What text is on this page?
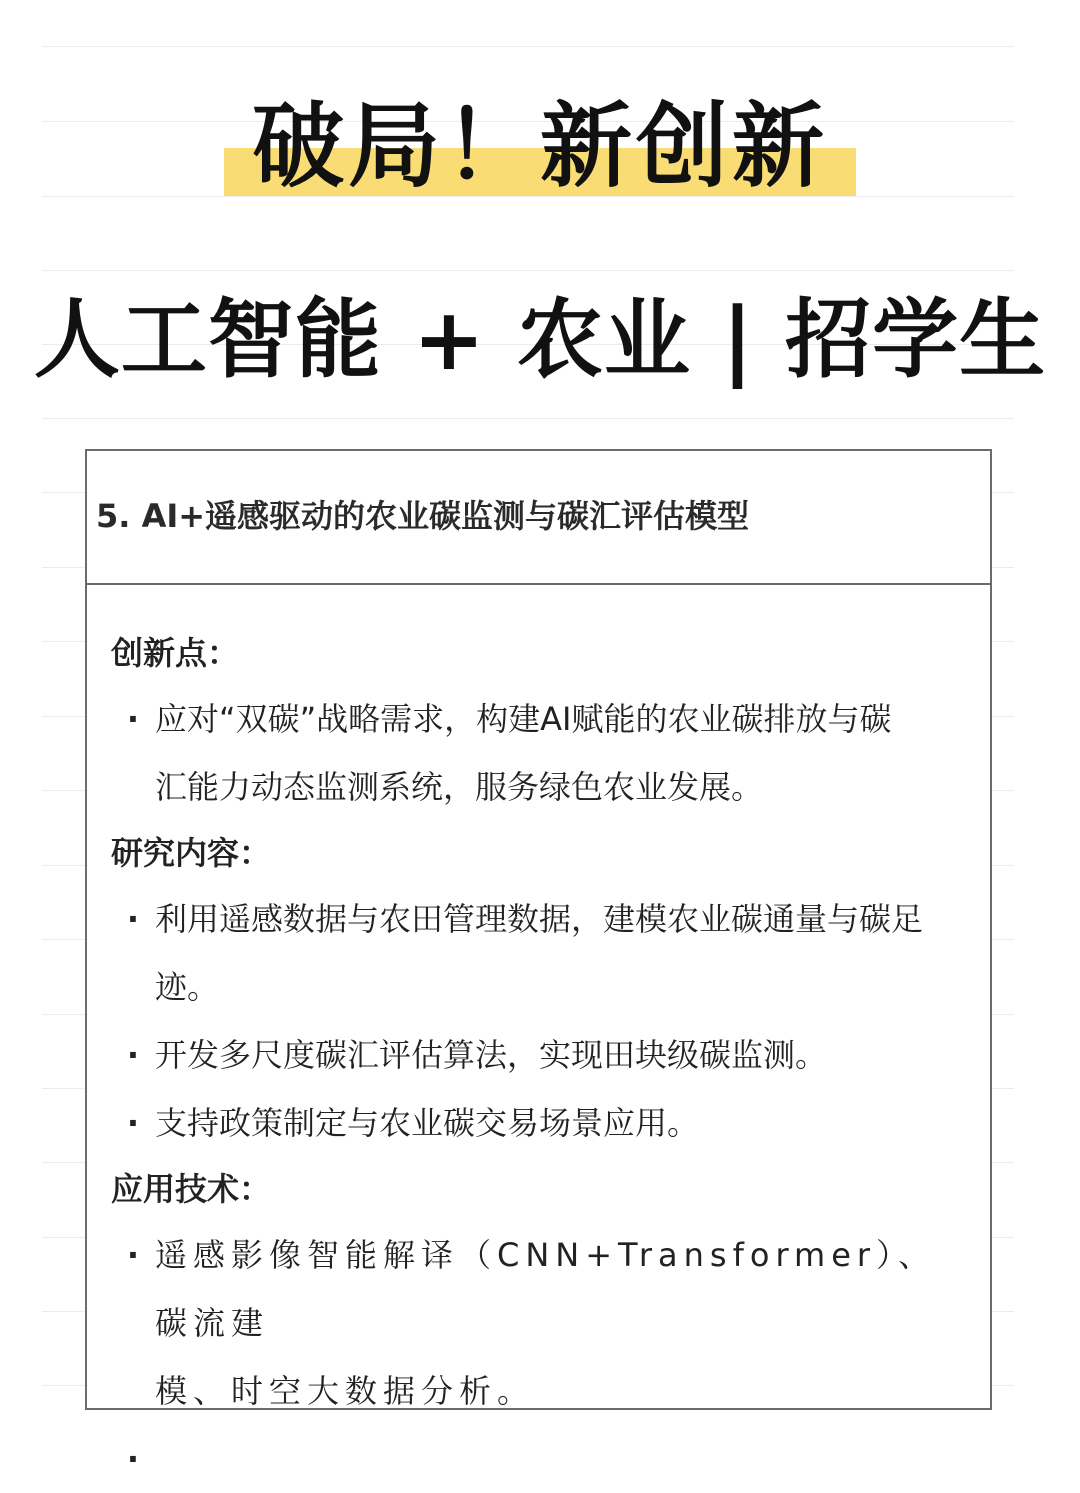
破局！新创新
人工智能 + 农业 | 招学生
5. AI+遥感驱动的农业碳监测与碳汇评估模型
创新点：
· 应对“双碳”战略需求，构建AI赋能的农业碳排放与碳
汇能力动态监测系统，服务绿色农业发展。
研究内容：
· 利用遥感数据与农田管理数据，建模农业碳通量与碳足
迹。
· 开发多尺度碳汇评估算法，实现田块级碳监测。
· 支持政策制定与农业碳交易场景应用。
应用技术：
· 遥感影像智能解译（CNN+Transformer）、碳流建
模、时空大数据分析。
·
